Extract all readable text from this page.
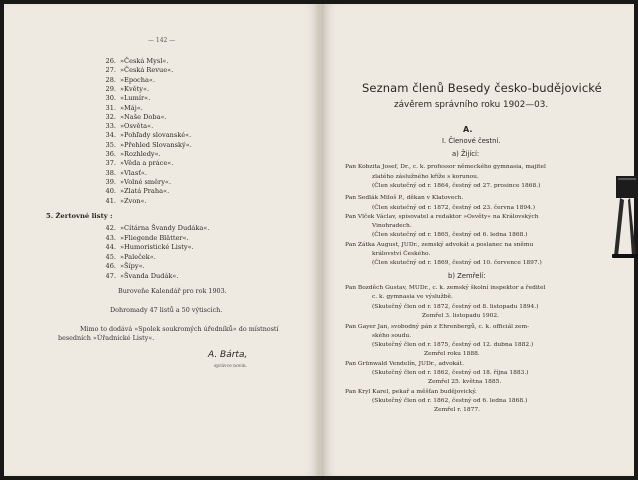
— 142 —
26. »Česká Mysl«.
27. »Česká Revue«.
28. »Epocha«.
29. »Květy«.
30. »Lumír«.
31. »Máj«.
32. »Naše Doba«.
33. »Osvěta«.
34. »Pohľady slovanské«.
35. »Přehled Slovanský«.
36. »Rozhledy«.
37. »Věda a práce«.
38. »Vlasť«.
39. »Volné směry«.
40. »Zlatá Praha«.
41. »Zvon«.
5. Žertovné listy :
42. »Cítárna Švandy Dudáka«.
43. »Fliegende Blätter«.
44. »Humoristické Listy«.
45. »Paleček«.
46. »Šípy«.
47. »Švanda Dudák«.
Buroveňe Kalendář pro rok 1903.
Dohromady 47 listů a 50 výtiscích.
Mimo to dodává »Spolek soukromých úředníků« do místností
besedních »Úřadnické Listy«.
A. Bárta,
správce novin.
Seznam členů Besedy česko-budějovické
závěrem správního roku 1902—03.
A.
I. Členové čestní.
a) Žijící:
Pan Kobzita Josef, Dr., c. k. professor německého gymnasia, majitel
zlatého záslužného kříže s korunou.
(Člen skutečný od r. 1864, čestný od 27. prosince 1868.)
Pan Sedlák Miloš P., děkan v Klatovech.
(Člen skutečný od r. 1872, čestný od 23. června 1894.)
Pan Vlček Václav, spisovatel a redaktor »Osvěty« na Královských
Vinohradech.
(Člen skutečný od r. 1865, čestný od 6. ledna 1868.)
Pan Zátka August, JUDr., zemský advokát a poslanec na sněmu
království Českého.
(Člen skutečný od r. 1869, čestný od 10. července 1897.)
b) Zemřelí:
Pan Bozděch Gustav, MUDr., c. k. zemský školní inspektor a ředitel
c. k. gymnasia ve výslužbě.
(Skutečný člen od r. 1872, čestný od 8. listopadu 1894.)
Zemřel 3. listopadu 1902.
Pan Gayer Jan, svobodný pán z Ehrenbergů, c. k. officiál zem-
ského soudu.
(Skutečný člen od r. 1875, čestný od 12. dubna 1882.)
Zemřel roku 1888.
Pan Grünwald Vendelín, JUDr., advokát.
(Skutečný člen od r. 1862, čestný od 18. října 1883.)
Zemřel 25. května 1885.
Pan Kryl Karel, pekař a měšťan budějovický.
(Skutečný člen od r. 1862, čestný od 6. ledna 1868.)
Zemřel r. 1877.
